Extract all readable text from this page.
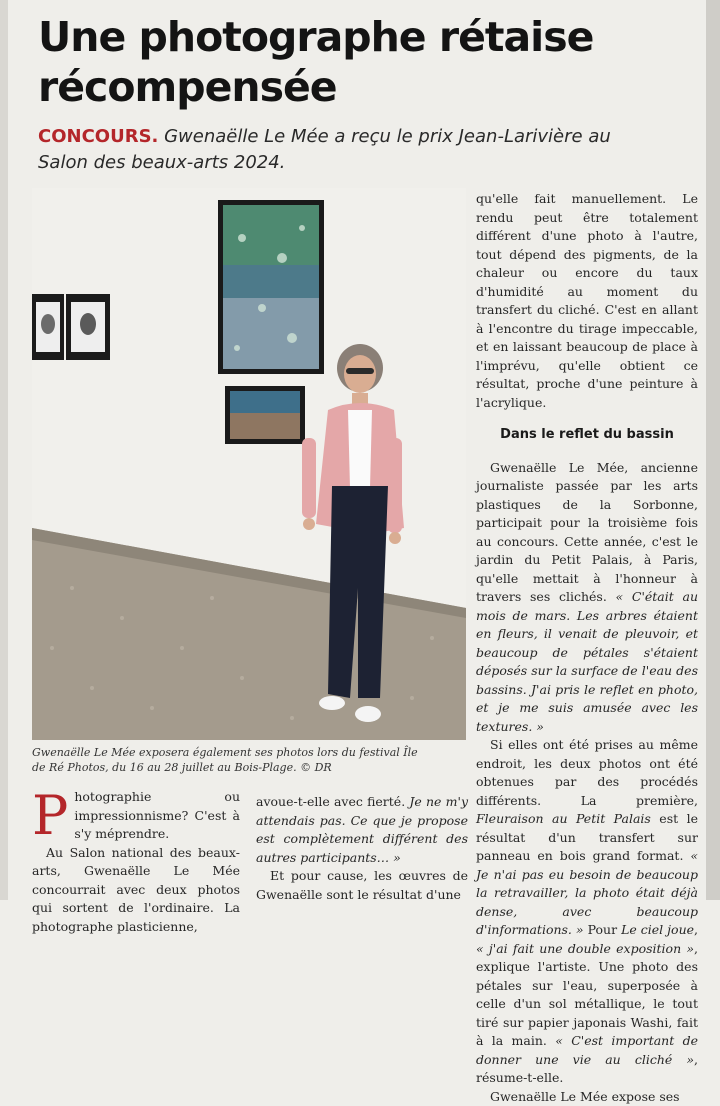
Une photographe rétaise récompensée
CONCOURS. Gwenaëlle Le Mée a reçu le prix Jean-Larivière au Salon des beaux-arts 2024.
Gwenaëlle Le Mée exposera également ses photos lors du festival Île de Ré Photos, du 16 au 28 juillet au Bois-Plage. © DR

qu'elle fait manuellement. Le rendu peut être totalement différent d'une photo à l'autre, tout dépend des pigments, de la chaleur ou encore du taux d'humidité au moment du transfert du cliché. C'est en allant à l'encontre du tirage impeccable, et en laissant beaucoup de place à l'imprévu, qu'elle obtient ce résultat, proche d'une peinture à l'acrylique.

Dans le reflet du bassin

Gwenaëlle Le Mée, ancienne journaliste passée par les arts plastiques de la Sorbonne, participait pour la troisième fois au concours. Cette année, c'est le jardin du Petit Palais, à Paris, qu'elle mettait à l'honneur à travers ses clichés. « C'était au mois de mars. Les arbres étaient en fleurs, il venait de pleuvoir, et beaucoup de pétales s'étaient déposés sur la surface de l'eau des bassins. J'ai pris le reflet en photo, et je me suis amusée avec les textures. »

Si elles ont été prises au même endroit, les deux photos ont été obtenues par des procédés différents. La première, Fleuraison au Petit Palais est le résultat d'un transfert sur panneau en bois grand format. « Je n'ai pas eu besoin de beaucoup la retravailler, la photo était déjà dense, avec beaucoup d'informations. » Pour Le ciel joue, « j'ai fait une double exposition », explique l'artiste. Une photo des pétales sur l'eau, superposée à celle d'un sol métallique, le tout tiré sur papier japonais Washi, fait à la main. « C'est important de donner une vie au cliché », résume-t-elle.

Gwenaëlle Le Mée expose ses

Photographie ou impressionnisme? C'est à s'y méprendre.

Au Salon national des beaux-arts, Gwenaëlle Le Mée concourrait avec deux photos qui sortent de l'ordinaire. La photographe plasticienne,

avoue-t-elle avec fierté. Je ne m'y attendais pas. Ce que je propose est complètement différent des autres participants… »

Et pour cause, les œuvres de Gwenaëlle sont le résultat d'une
